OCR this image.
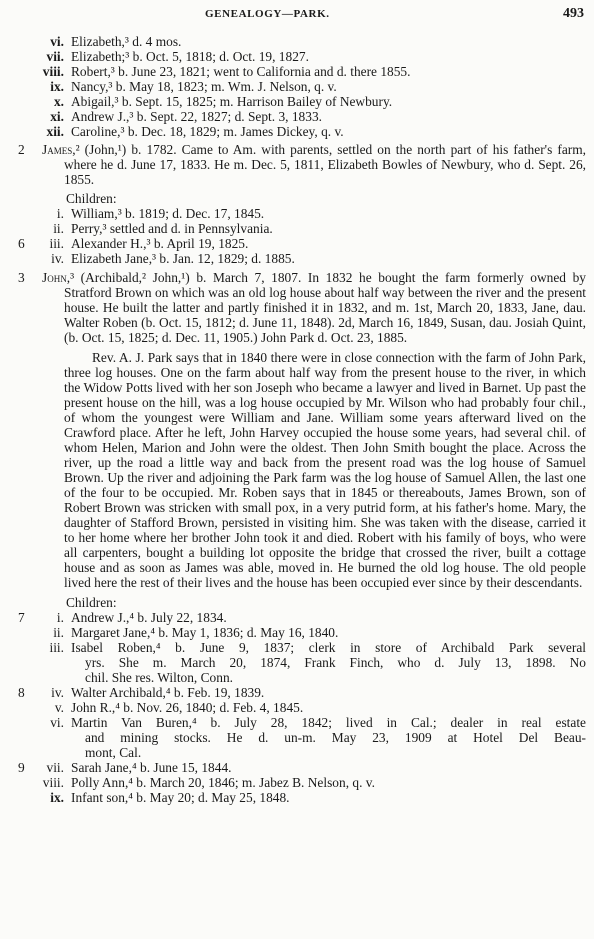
GENEALOGY—PARK.	493
vi. Elizabeth,³ d. 4 mos.
vii. Elizabeth;³ b. Oct. 5, 1818; d. Oct. 19, 1827.
viii. Robert,³ b. June 23, 1821; went to California and d. there 1855.
ix. Nancy,³ b. May 18, 1823; m. Wm. J. Nelson, q. v.
x. Abigail,³ b. Sept. 15, 1825; m. Harrison Bailey of Newbury.
xi. Andrew J.,³ b. Sept. 22, 1827; d. Sept. 3, 1833.
xii. Caroline,³ b. Dec. 18, 1829; m. James Dickey, q. v.
2 James,² (John,¹) b. 1782. Came to Am. with parents, settled on the north part of his father's farm, where he d. June 17, 1833. He m. Dec. 5, 1811, Elizabeth Bowles of Newbury, who d. Sept. 26, 1855.
Children:
i. William,³ b. 1819; d. Dec. 17, 1845.
ii. Perry,³ settled and d. in Pennsylvania.
6	iii. Alexander H.,³ b. April 19, 1825.
iv. Elizabeth Jane,³ b. Jan. 12, 1829; d. 1885.
3 John,³ (Archibald,² John,¹) b. March 7, 1807. In 1832 he bought the farm formerly owned by Stratford Brown on which was an old log house about half way between the river and the present house. He built the latter and partly finished it in 1832, and m. 1st, March 20, 1833, Jane, dau. Walter Roben (b. Oct. 15, 1812; d. June 11, 1848). 2d, March 16, 1849, Susan, dau. Josiah Quint, (b. Oct. 15, 1825; d. Dec. 11, 1905.) John Park d. Oct. 23, 1885.
Rev. A. J. Park says that in 1840 there were in close connection with the farm of John Park, three log houses. One on the farm about half way from the present house to the river, in which the Widow Potts lived with her son Joseph who became a lawyer and lived in Barnet. Up past the present house on the hill, was a log house occupied by Mr. Wilson who had probably four chil., of whom the youngest were William and Jane. William some years afterward lived on the Crawford place. After he left, John Harvey occupied the house some years, had several chil. of whom Helen, Marion and John were the oldest. Then John Smith bought the place. Across the river, up the road a little way and back from the present road was the log house of Samuel Brown. Up the river and adjoining the Park farm was the log house of Samuel Allen, the last one of the four to be occupied. Mr. Roben says that in 1845 or thereabouts, James Brown, son of Robert Brown was stricken with small pox, in a very putrid form, at his father's home. Mary, the daughter of Stafford Brown, persisted in visiting him. She was taken with the disease, carried it to her home where her brother John took it and died. Robert with his family of boys, who were all carpenters, bought a building lot opposite the bridge that crossed the river, built a cottage house and as soon as James was able, moved in. He burned the old log house. The old people lived here the rest of their lives and the house has been occupied ever since by their descendants.
Children:
7	i. Andrew J.,⁴ b. July 22, 1834.
ii. Margaret Jane,⁴ b. May 1, 1836; d. May 16, 1840.
iii. Isabel Roben,⁴ b. June 9, 1837; clerk in store of Archibald Park several
yrs. She m. March 20, 1874, Frank Finch, who d. July 13, 1898. No
chil. She res. Wilton, Conn.
8	iv. Walter Archibald,⁴ b. Feb. 19, 1839.
v. John R.,⁴ b. Nov. 26, 1840; d. Feb. 4, 1845.
vi. Martin Van Buren,⁴ b. July 28, 1842; lived in Cal.; dealer in real estate
and mining stocks. He d. un-m. May 23, 1909 at Hotel Del Beau-
mont, Cal.
9	vii. Sarah Jane,⁴ b. June 15, 1844.
viii. Polly Ann,⁴ b. March 20, 1846; m. Jabez B. Nelson, q. v.
ix. Infant son,⁴ b. May 20; d. May 25, 1848.
